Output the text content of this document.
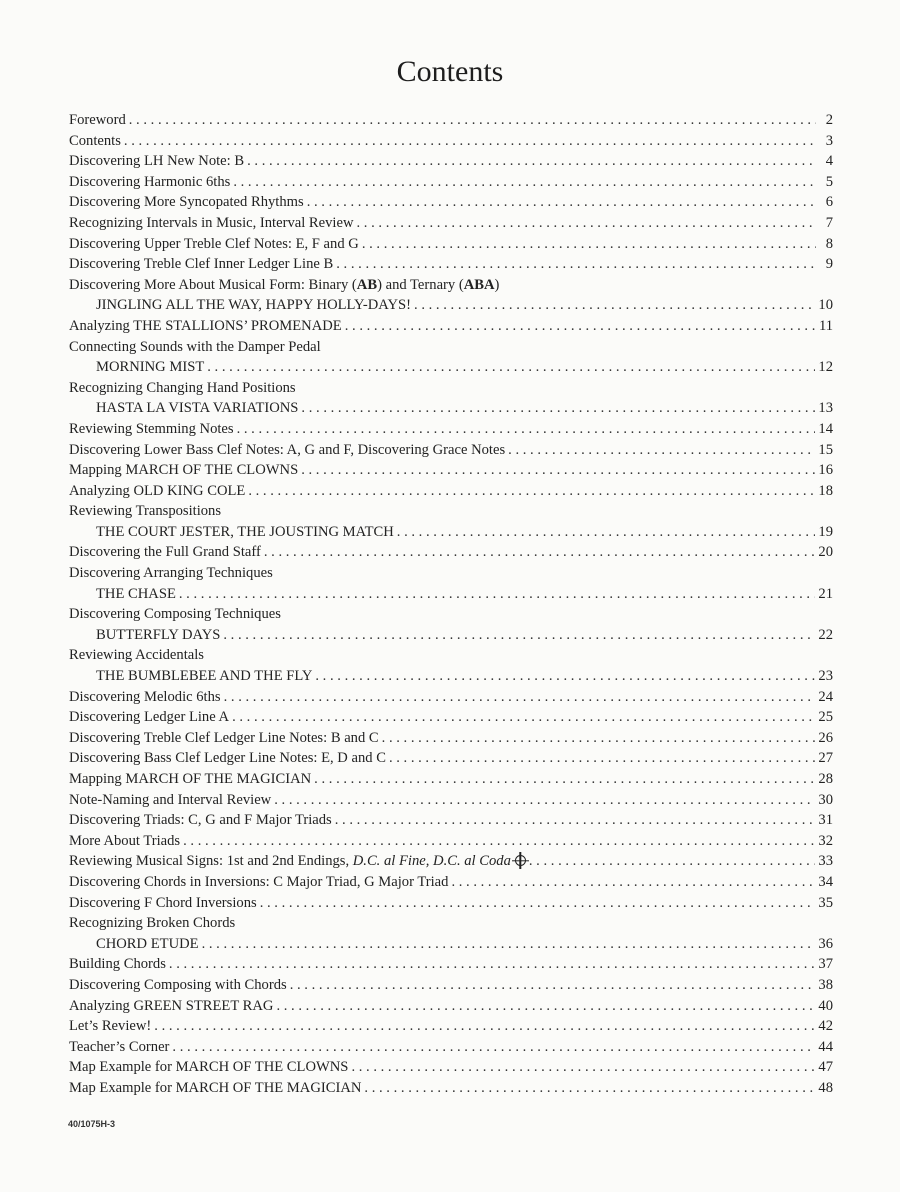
Contents
Foreword . . .	2
Contents . . .	3
Discovering LH New Note: B . . .	4
Discovering Harmonic 6ths . . .	5
Discovering More Syncopated Rhythms . . .	6
Recognizing Intervals in Music, Interval Review . . .	7
Discovering Upper Treble Clef Notes: E, F and G . . .	8
Discovering Treble Clef Inner Ledger Line B . . .	9
Discovering More About Musical Form: Binary (AB) and Ternary (ABA)
JINGLING ALL THE WAY, HAPPY HOLLY-DAYS! . . .	10
Analyzing THE STALLIONS’ PROMENADE . . .	11
Connecting Sounds with the Damper Pedal
MORNING MIST . . .	12
Recognizing Changing Hand Positions
HASTA LA VISTA VARIATIONS . . .	13
Reviewing Stemming Notes . . .	14
Discovering Lower Bass Clef Notes: A, G and F, Discovering Grace Notes . . .	15
Mapping MARCH OF THE CLOWNS . . .	16
Analyzing OLD KING COLE . . .	18
Reviewing Transpositions
THE COURT JESTER, THE JOUSTING MATCH . . .	19
Discovering the Full Grand Staff . . .	20
Discovering Arranging Techniques
THE CHASE . . .	21
Discovering Composing Techniques
BUTTERFLY DAYS . . .	22
Reviewing Accidentals
THE BUMBLEBEE AND THE FLY . . .	23
Discovering Melodic 6ths . . .	24
Discovering Ledger Line A . . .	25
Discovering Treble Clef Ledger Line Notes: B and C . . .	26
Discovering Bass Clef Ledger Line Notes: E, D and C . . .	27
Mapping MARCH OF THE MAGICIAN . . .	28
Note-Naming and Interval Review . . .	30
Discovering Triads: C, G and F Major Triads . . .	31
More About Triads . . .	32
Reviewing Musical Signs: 1st and 2nd Endings, D.C. al Fine, D.C. al Coda . . .	33
Discovering Chords in Inversions: C Major Triad, G Major Triad . . .	34
Discovering F Chord Inversions . . .	35
Recognizing Broken Chords
CHORD ETUDE . . .	36
Building Chords . . .	37
Discovering Composing with Chords . . .	38
Analyzing GREEN STREET RAG . . .	40
Let’s Review! . . .	42
Teacher’s Corner . . .	44
Map Example for MARCH OF THE CLOWNS . . .	47
Map Example for MARCH OF THE MAGICIAN . . .	48
40/1075H-3
